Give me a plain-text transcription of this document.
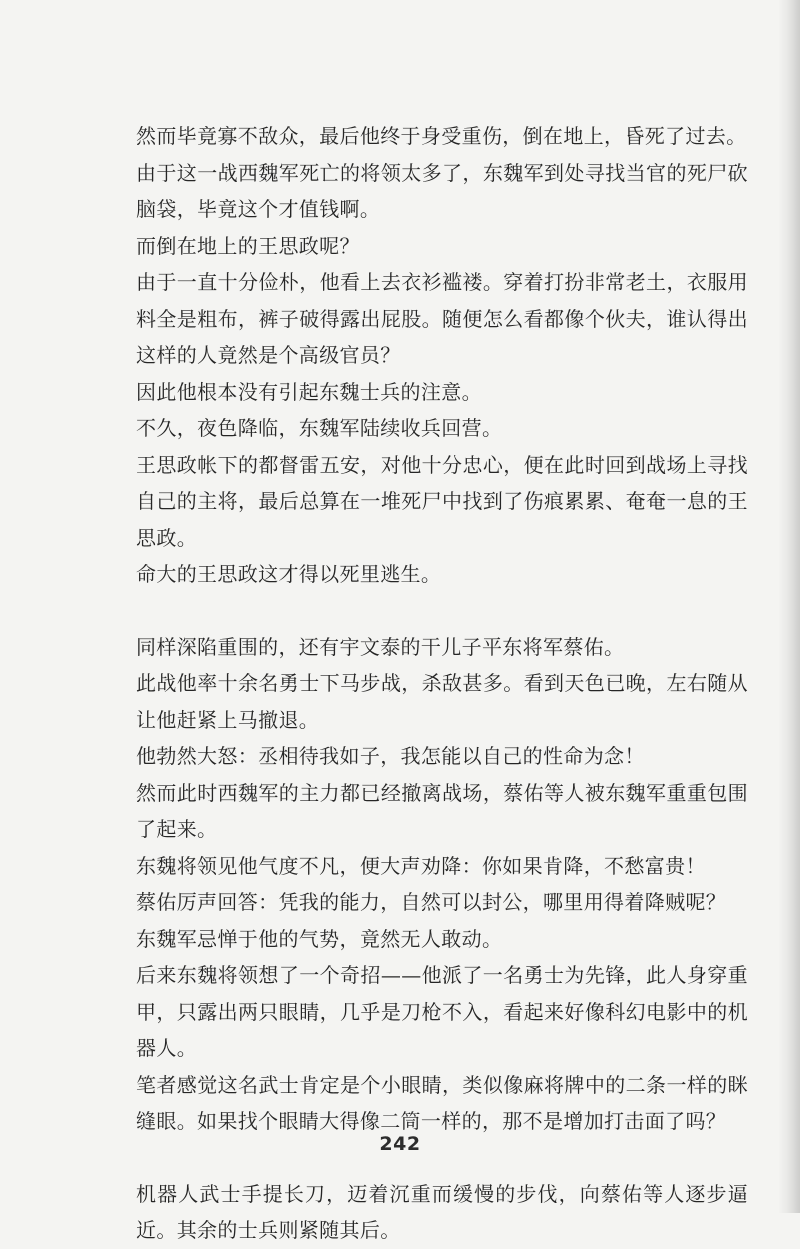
然而毕竟寡不敌众，最后他终于身受重伤，倒在地上，昏死了过去。

由于这一战西魏军死亡的将领太多了，东魏军到处寻找当官的死尸砍脑袋，毕竟这个才值钱啊。

而倒在地上的王思政呢？

由于一直十分俭朴，他看上去衣衫褴褛。穿着打扮非常老土，衣服用料全是粗布，裤子破得露出屁股。随便怎么看都像个伙夫，谁认得出这样的人竟然是个高级官员？

因此他根本没有引起东魏士兵的注意。

不久，夜色降临，东魏军陆续收兵回营。

王思政帐下的都督雷五安，对他十分忠心，便在此时回到战场上寻找自己的主将，最后总算在一堆死尸中找到了伤痕累累、奄奄一息的王思政。

命大的王思政这才得以死里逃生。

同样深陷重围的，还有宇文泰的干儿子平东将军蔡佑。

此战他率十余名勇士下马步战，杀敌甚多。看到天色已晚，左右随从让他赶紧上马撤退。

他勃然大怒：丞相待我如子，我怎能以自己的性命为念！

然而此时西魏军的主力都已经撤离战场，蔡佑等人被东魏军重重包围了起来。

东魏将领见他气度不凡，便大声劝降：你如果肯降，不愁富贵！

蔡佑厉声回答：凭我的能力，自然可以封公，哪里用得着降贼呢？

东魏军忌惮于他的气势，竟然无人敢动。

后来东魏将领想了一个奇招——他派了一名勇士为先锋，此人身穿重甲，只露出两只眼睛，几乎是刀枪不入，看起来好像科幻电影中的机器人。

笔者感觉这名武士肯定是个小眼睛，类似像麻将牌中的二条一样的眯缝眼。如果找个眼睛大得像二筒一样的，那不是增加打击面了吗？

机器人武士手提长刀，迈着沉重而缓慢的步伐，向蔡佑等人逐步逼近。其余的士兵则紧随其后。

242
